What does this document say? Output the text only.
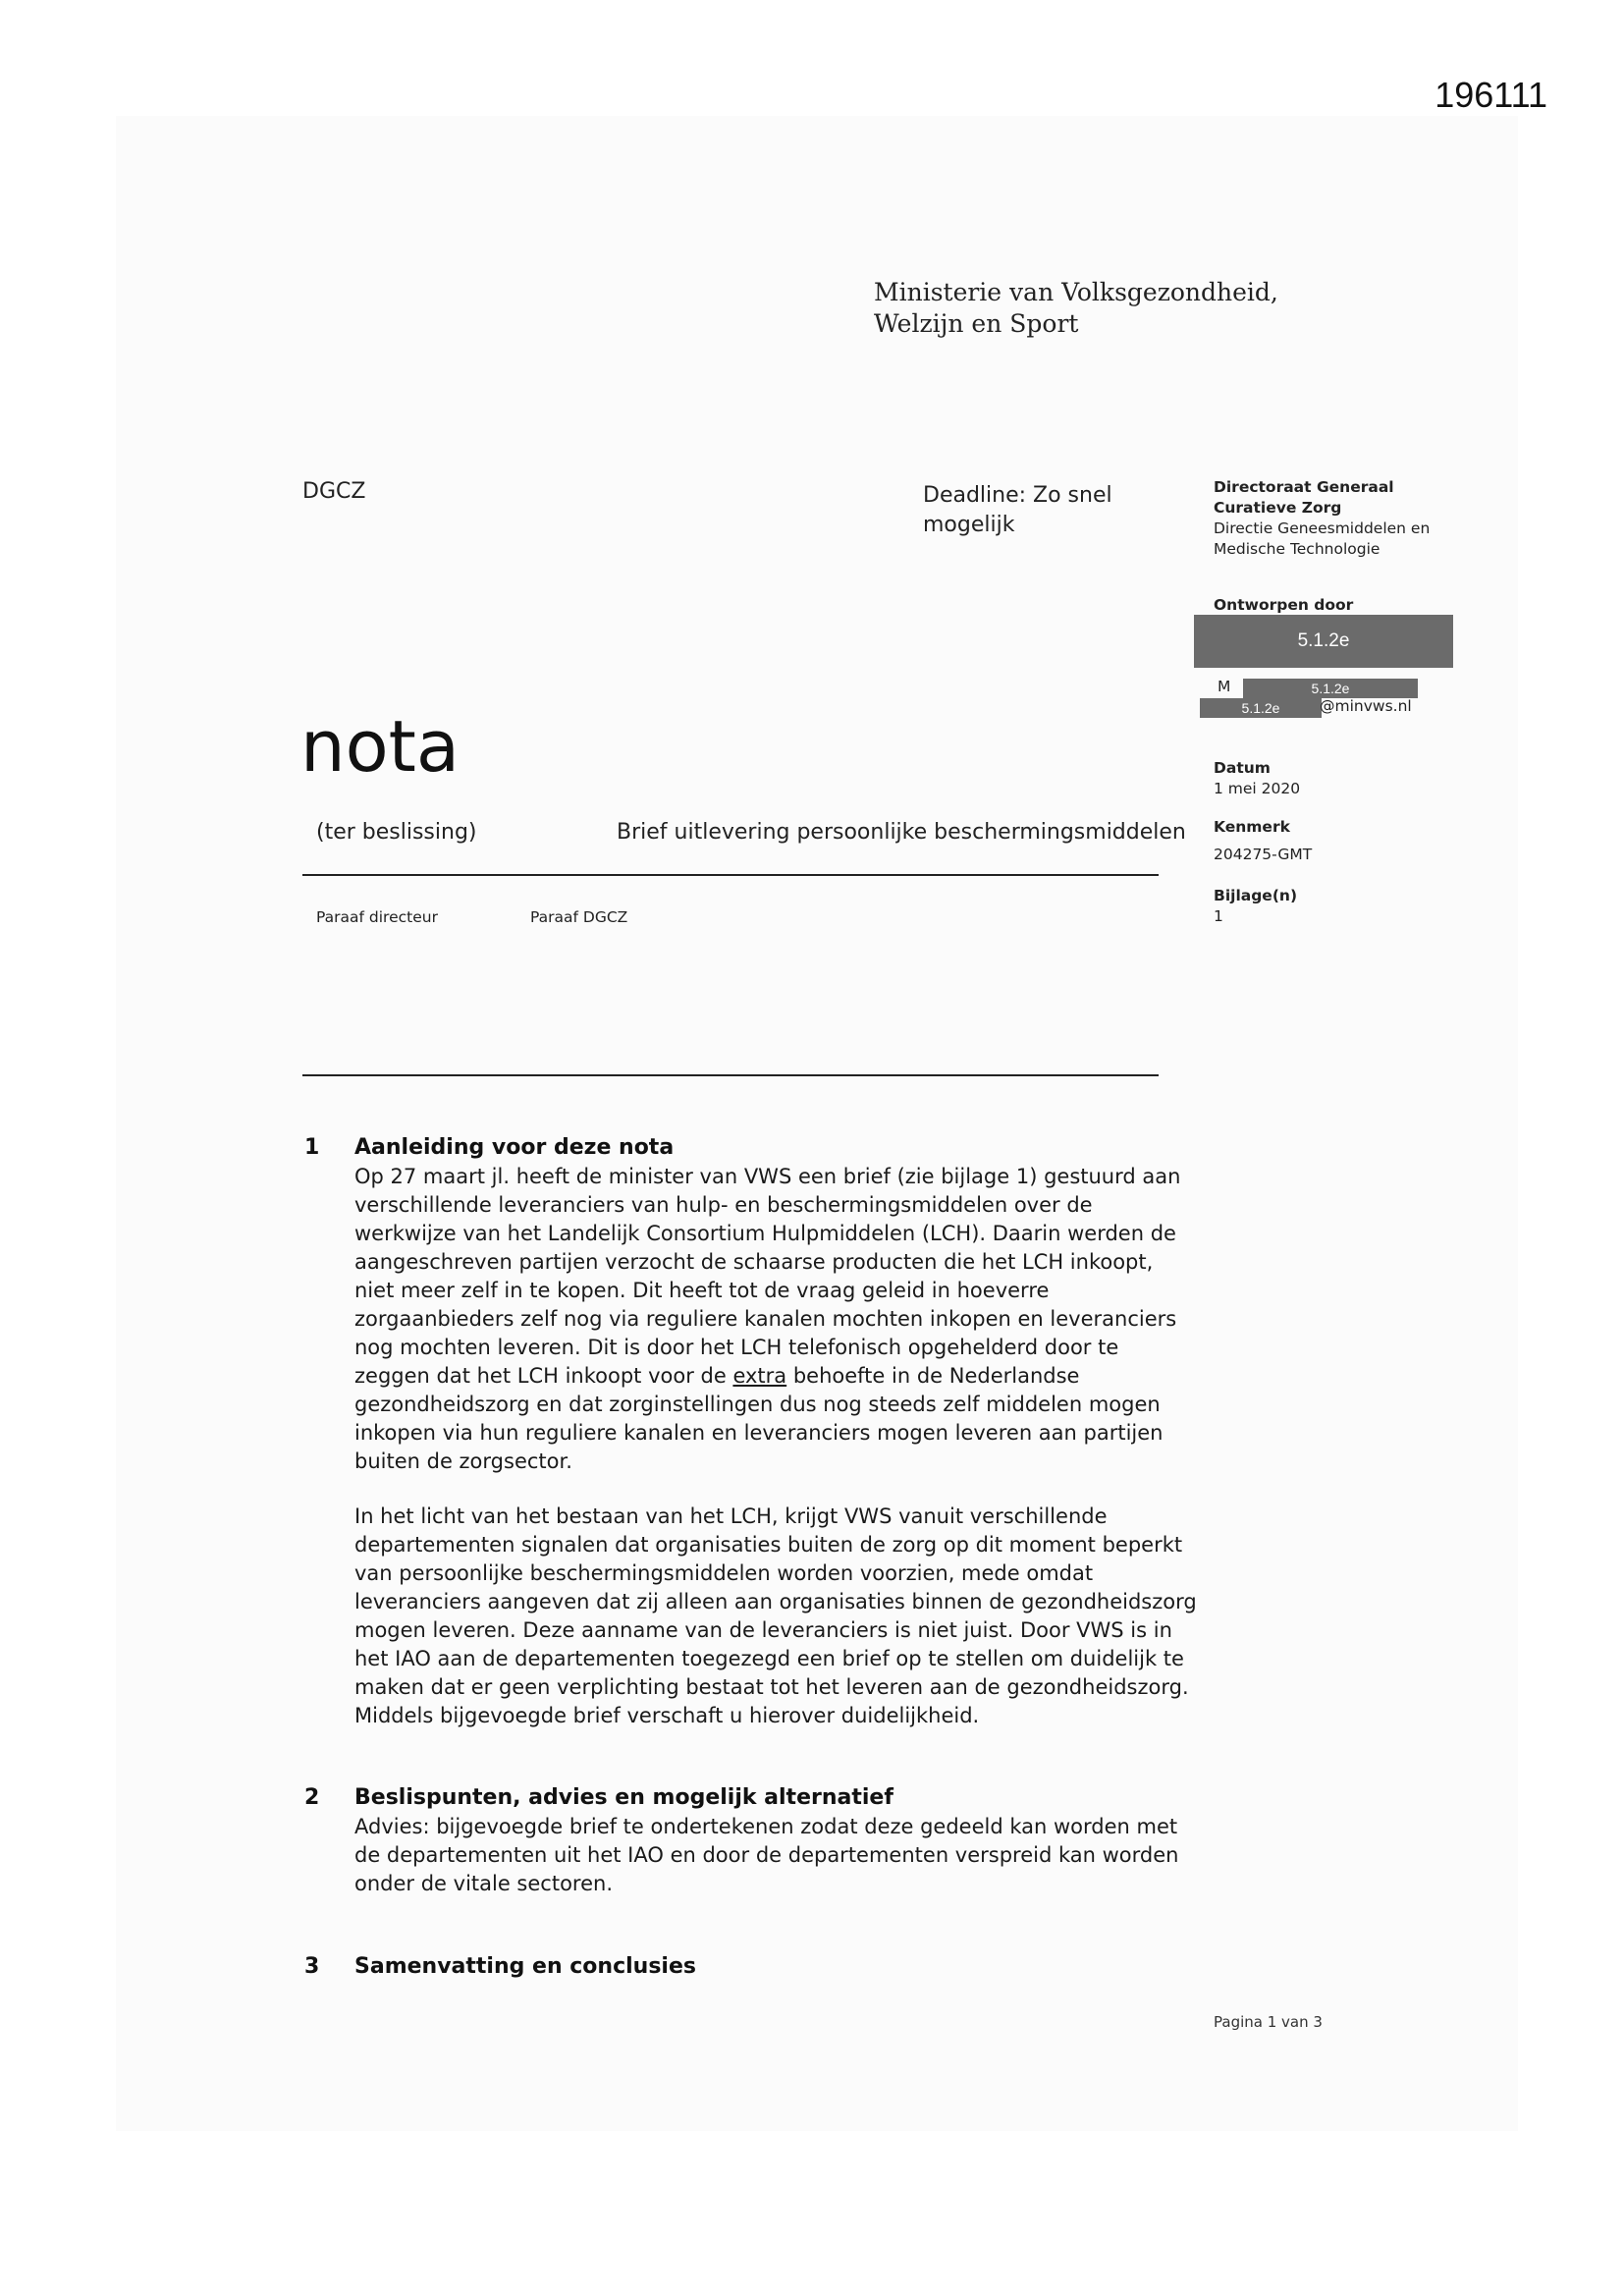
196111
Ministerie van Volksgezondheid,
Welzijn en Sport
DGCZ	Deadline: Zo snel
mogelijk
Directoraat Generaal
Curatieve Zorg
Directie Geneesmiddelen en
Medische Technologie
Ontworpen door
5.1.2e
M	5.1.2e
5.1.2e	@minvws.nl
Datum
1 mei 2020
Kenmerk
204275-GMT
Bijlage(n)
1
nota
(ter beslissing)	Brief uitlevering persoonlijke beschermingsmiddelen
Paraaf directeur	Paraaf DGCZ
1 Aanleiding voor deze nota

Op 27 maart jl. heeft de minister van VWS een brief (zie bijlage 1) gestuurd aan verschillende leveranciers van hulp- en beschermingsmiddelen over de werkwijze van het Landelijk Consortium Hulpmiddelen (LCH). Daarin werden de aangeschreven partijen verzocht de schaarse producten die het LCH inkoopt, niet meer zelf in te kopen. Dit heeft tot de vraag geleid in hoeverre zorgaanbieders zelf nog via reguliere kanalen mochten inkopen en leveranciers nog mochten leveren. Dit is door het LCH telefonisch opgehelderd door te zeggen dat het LCH inkoopt voor de extra behoefte in de Nederlandse gezondheidszorg en dat zorginstellingen dus nog steeds zelf middelen mogen inkopen via hun reguliere kanalen en leveranciers mogen leveren aan partijen buiten de zorgsector.

In het licht van het bestaan van het LCH, krijgt VWS vanuit verschillende departementen signalen dat organisaties buiten de zorg op dit moment beperkt van persoonlijke beschermingsmiddelen worden voorzien, mede omdat leveranciers aangeven dat zij alleen aan organisaties binnen de gezondheidszorg mogen leveren. Deze aanname van de leveranciers is niet juist. Door VWS is in het IAO aan de departementen toegezegd een brief op te stellen om duidelijk te maken dat er geen verplichting bestaat tot het leveren aan de gezondheidszorg. Middels bijgevoegde brief verschaft u hierover duidelijkheid.

2 Beslispunten, advies en mogelijk alternatief

Advies: bijgevoegde brief te ondertekenen zodat deze gedeeld kan worden met de departementen uit het IAO en door de departementen verspreid kan worden onder de vitale sectoren.

3 Samenvatting en conclusies
Pagina 1 van 3
